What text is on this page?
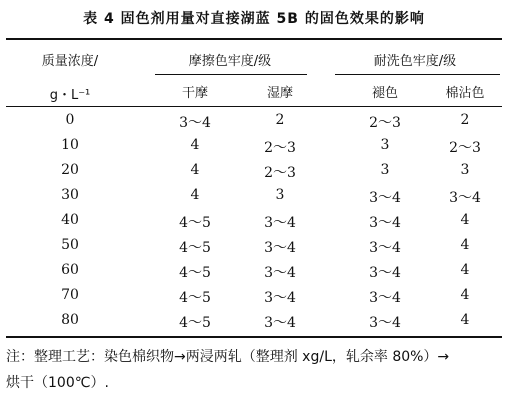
表 4 固色剂用量对直接湖蓝 5B 的固色效果的影响
质量浓度/
g・L⁻¹
摩擦色牢度/级	耐洗色牢度/级
干摩	湿摩	褪色	棉沾色
0	3～4	2	2～3	2
10	4	2～3	3	2～3
20	4	2～3	3	3
30	4	3	3～4	3～4
40	4～5	3～4	3～4	4
50	4～5	3～4	3～4	4
60	4～5	3～4	3～4	4
70	4～5	3～4	3～4	4
80	4～5	3～4	3～4	4
注：整理工艺：染色棉织物→两浸两轧（整理剂 xg/L，轧余率 80%）→
烘干（100℃）.
